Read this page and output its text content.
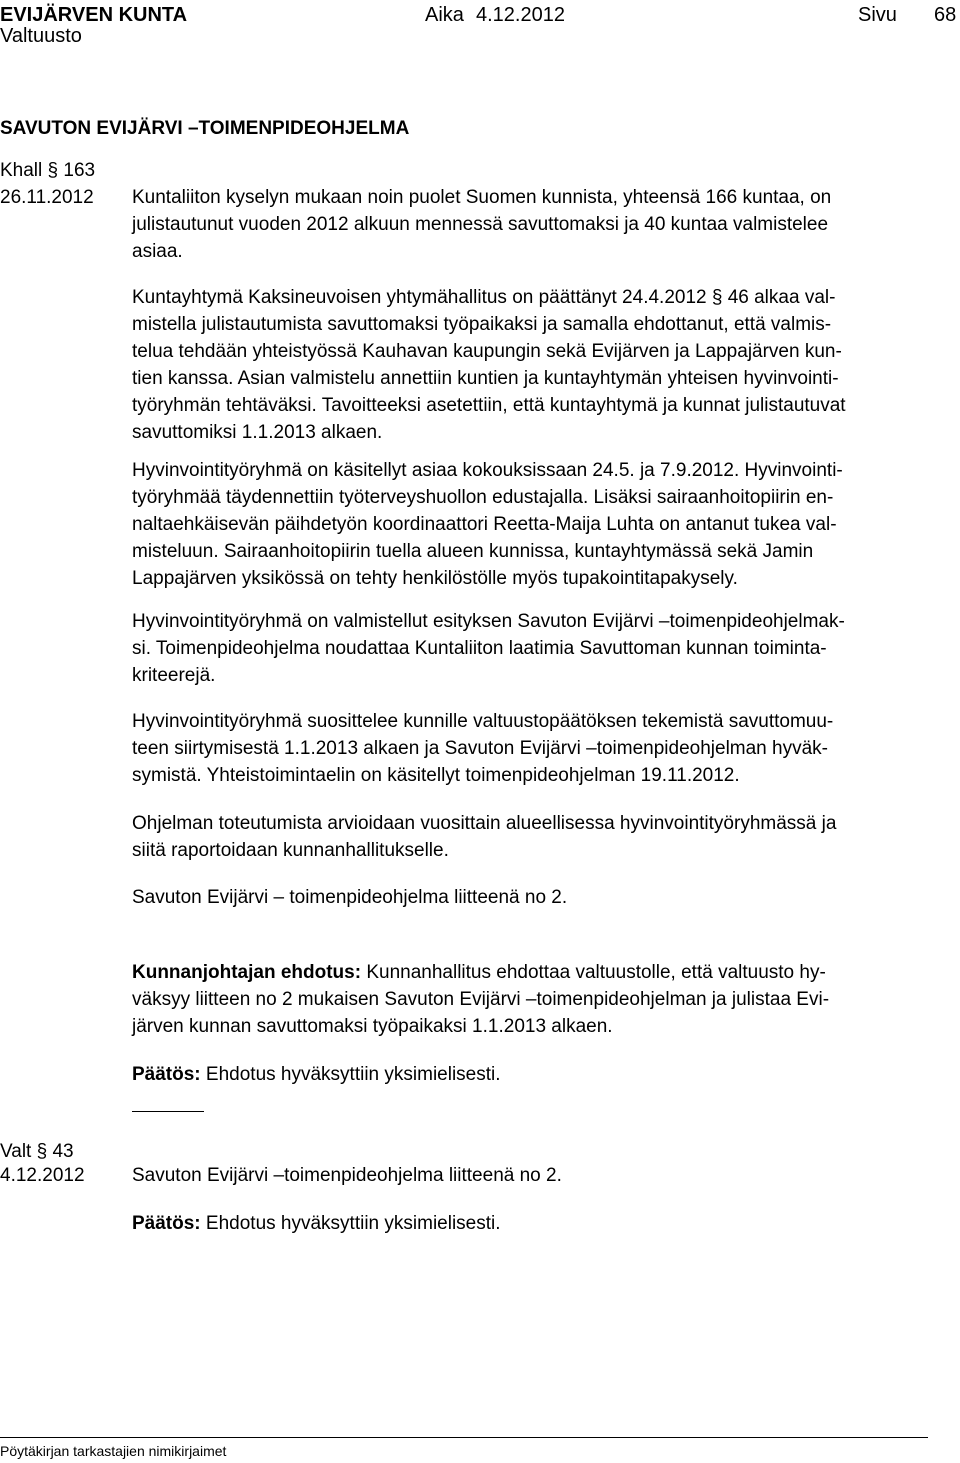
EVIJÄRVEN KUNTA
Valtuusto
Aika 4.12.2012	Sivu 68
SAVUTON EVIJÄRVI –TOIMENPIDEOHJELMA
Khall § 163
26.11.2012 Kuntaliiton kyselyn mukaan noin puolet Suomen kunnista, yhteensä 166 kuntaa, on
julistautunut vuoden 2012 alkuun mennessä savuttomaksi ja 40 kuntaa valmistelee
asiaa.
Kuntayhtymä Kaksineuvoisen yhtymähallitus on päättänyt 24.4.2012 § 46 alkaa val-
mistella julistautumista savuttomaksi työpaikaksi ja samalla ehdottanut, että valmis-
telua tehdään yhteistyössä Kauhavan kaupungin sekä Evijärven ja Lappajärven kun-
tien kanssa. Asian valmistelu annettiin kuntien ja kuntayhtymän yhteisen hyvinvointi-
työryhmän tehtäväksi. Tavoitteeksi asetettiin, että kuntayhtymä ja kunnat julistautuvat
savuttomiksi 1.1.2013 alkaen.
Hyvinvointityöryhmä on käsitellyt asiaa kokouksissaan 24.5. ja 7.9.2012. Hyvinvointi-
työryhmää täydennettiin työterveyshuollon edustajalla. Lisäksi sairaanhoitopiirin en-
naltaehkäisevän päihdetyön koordinaattori Reetta-Maija Luhta on antanut tukea val-
misteluun. Sairaanhoitopiirin tuella alueen kunnissa, kuntayhtymässä sekä Jamin
Lappajärven yksikössä on tehty henkilöstölle myös tupakointitapakysely.
Hyvinvointityöryhmä on valmistellut esityksen Savuton Evijärvi –toimenpideohjelmak-
si. Toimenpideohjelma noudattaa Kuntaliiton laatimia Savuttoman kunnan toiminta-
kriteerejä.
Hyvinvointityöryhmä suosittelee kunnille valtuustopäätöksen tekemistä savuttomuu-
teen siirtymisestä 1.1.2013 alkaen ja Savuton Evijärvi –toimenpideohjelman hyväk-
symistä. Yhteistoimintaelin on käsitellyt toimenpideohjelman 19.11.2012.
Ohjelman toteutumista arvioidaan vuosittain alueellisessa hyvinvointityöryhmässä ja
siitä raportoidaan kunnanhallitukselle.
Savuton Evijärvi – toimenpideohjelma liitteenä no 2.
Kunnanjohtajan ehdotus: Kunnanhallitus ehdottaa valtuustolle, että valtuusto hy-
väksyy liitteen no 2 mukaisen Savuton Evijärvi –toimenpideohjelman ja julistaa Evi-
järven kunnan savuttomaksi työpaikaksi 1.1.2013 alkaen.
Päätös: Ehdotus hyväksyttiin yksimielisesti.
Valt § 43
4.12.2012 Savuton Evijärvi –toimenpideohjelma liitteenä no 2.
Päätös: Ehdotus hyväksyttiin yksimielisesti.
Pöytäkirjan tarkastajien nimikirjaimet
